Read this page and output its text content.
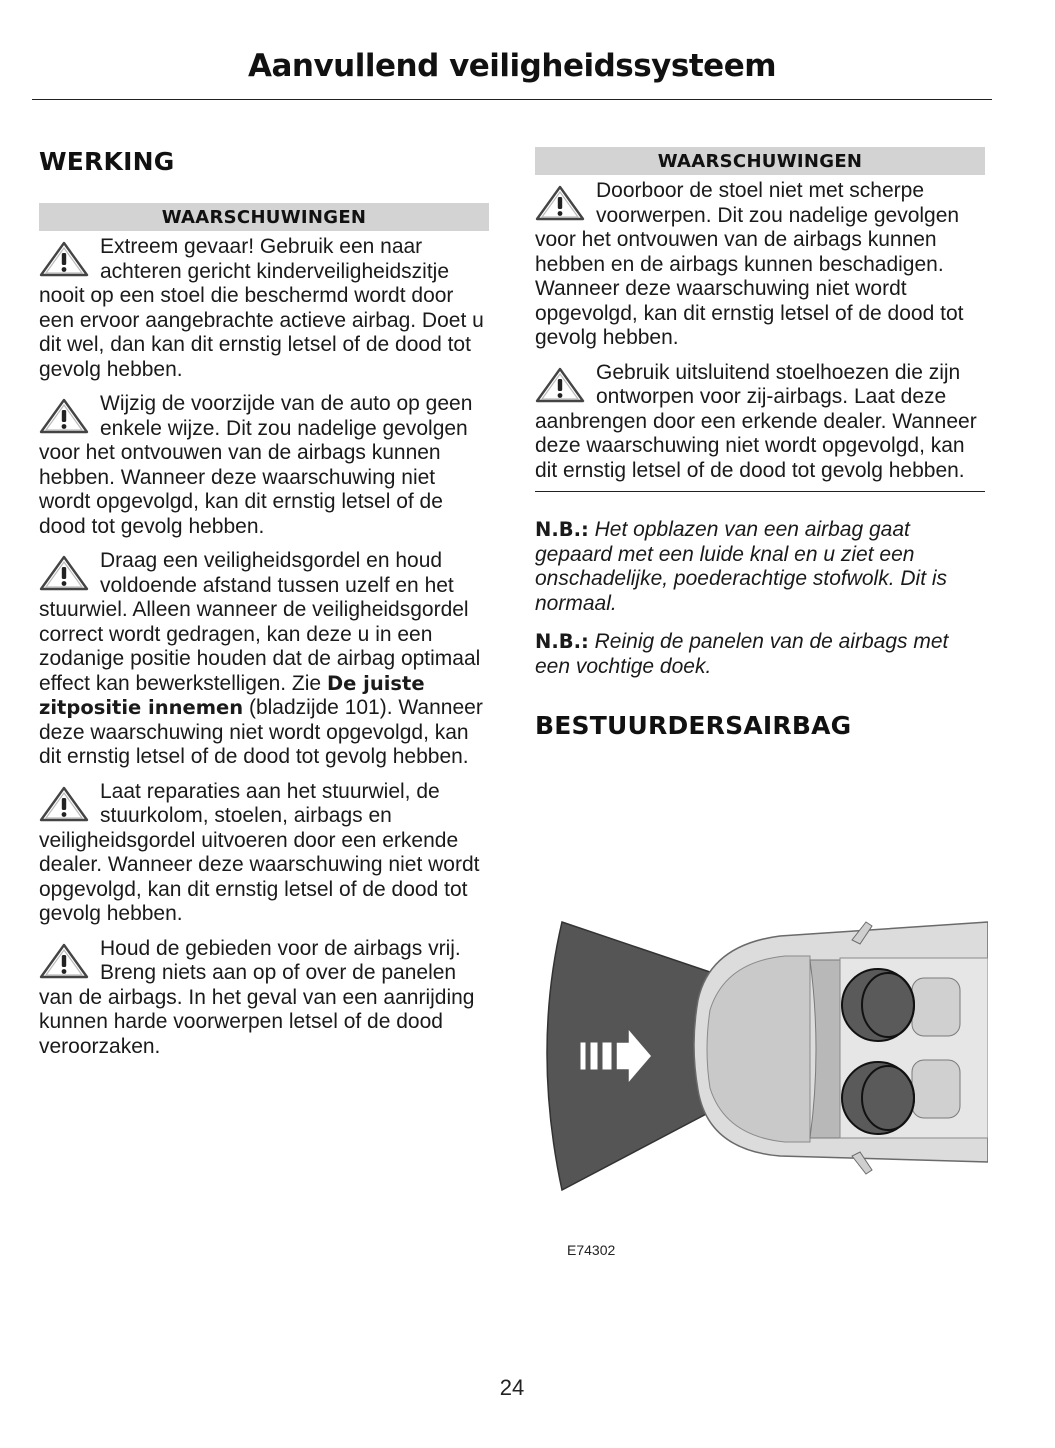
Aanvullend veiligheidssysteem
WERKING
WAARSCHUWINGEN
Extreem gevaar! Gebruik een naar achteren gericht kinderveiligheidszitje nooit op een stoel die beschermd wordt door een ervoor aangebrachte actieve airbag. Doet u dit wel, dan kan dit ernstig letsel of de dood tot gevolg hebben.
Wijzig de voorzijde van de auto op geen enkele wijze. Dit zou nadelige gevolgen voor het ontvouwen van de airbags kunnen hebben. Wanneer deze waarschuwing niet wordt opgevolgd, kan dit ernstig letsel of de dood tot gevolg hebben.
Draag een veiligheidsgordel en houd voldoende afstand tussen uzelf en het stuurwiel. Alleen wanneer de veiligheidsgordel correct wordt gedragen, kan deze u in een zodanige positie houden dat de airbag optimaal effect kan bewerkstelligen. Zie De juiste zitpositie innemen (bladzijde 101). Wanneer deze waarschuwing niet wordt opgevolgd, kan dit ernstig letsel of de dood tot gevolg hebben.
Laat reparaties aan het stuurwiel, de stuurkolom, stoelen, airbags en veiligheidsgordel uitvoeren door een erkende dealer. Wanneer deze waarschuwing niet wordt opgevolgd, kan dit ernstig letsel of de dood tot gevolg hebben.
Houd de gebieden voor de airbags vrij. Breng niets aan op of over de panelen van de airbags. In het geval van een aanrijding kunnen harde voorwerpen letsel of de dood veroorzaken.
WAARSCHUWINGEN
Doorboor de stoel niet met scherpe voorwerpen. Dit zou nadelige gevolgen voor het ontvouwen van de airbags kunnen hebben en de airbags kunnen beschadigen. Wanneer deze waarschuwing niet wordt opgevolgd, kan dit ernstig letsel of de dood tot gevolg hebben.
Gebruik uitsluitend stoelhoezen die zijn ontworpen voor zij-airbags. Laat deze aanbrengen door een erkende dealer. Wanneer deze waarschuwing niet wordt opgevolgd, kan dit ernstig letsel of de dood tot gevolg hebben.
N.B.: Het opblazen van een airbag gaat gepaard met een luide knal en u ziet een onschadelijke, poederachtige stofwolk. Dit is normaal.
N.B.: Reinig de panelen van de airbags met een vochtige doek.
BESTUURDERSAIRBAG
E74302
24
